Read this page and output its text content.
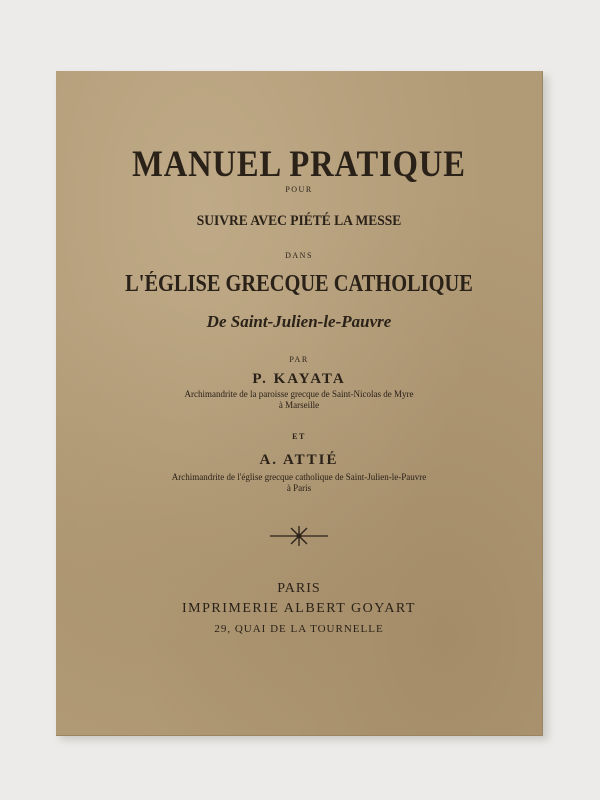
MANUEL PRATIQUE
POUR
SUIVRE AVEC PIÉTÉ LA MESSE
DANS
L'ÉGLISE GRECQUE CATHOLIQUE
De Saint-Julien-le-Pauvre
PAR
P. KAYATA
Archimandrite de la paroisse grecque de Saint-Nicolas de Myre
à Marseille
ET
A. ATTIÉ
Archimandrite de l'église grecque catholique de Saint-Julien-le-Pauvre
à Paris
PARIS
IMPRIMERIE ALBERT GOYART
29, QUAI DE LA TOURNELLE
